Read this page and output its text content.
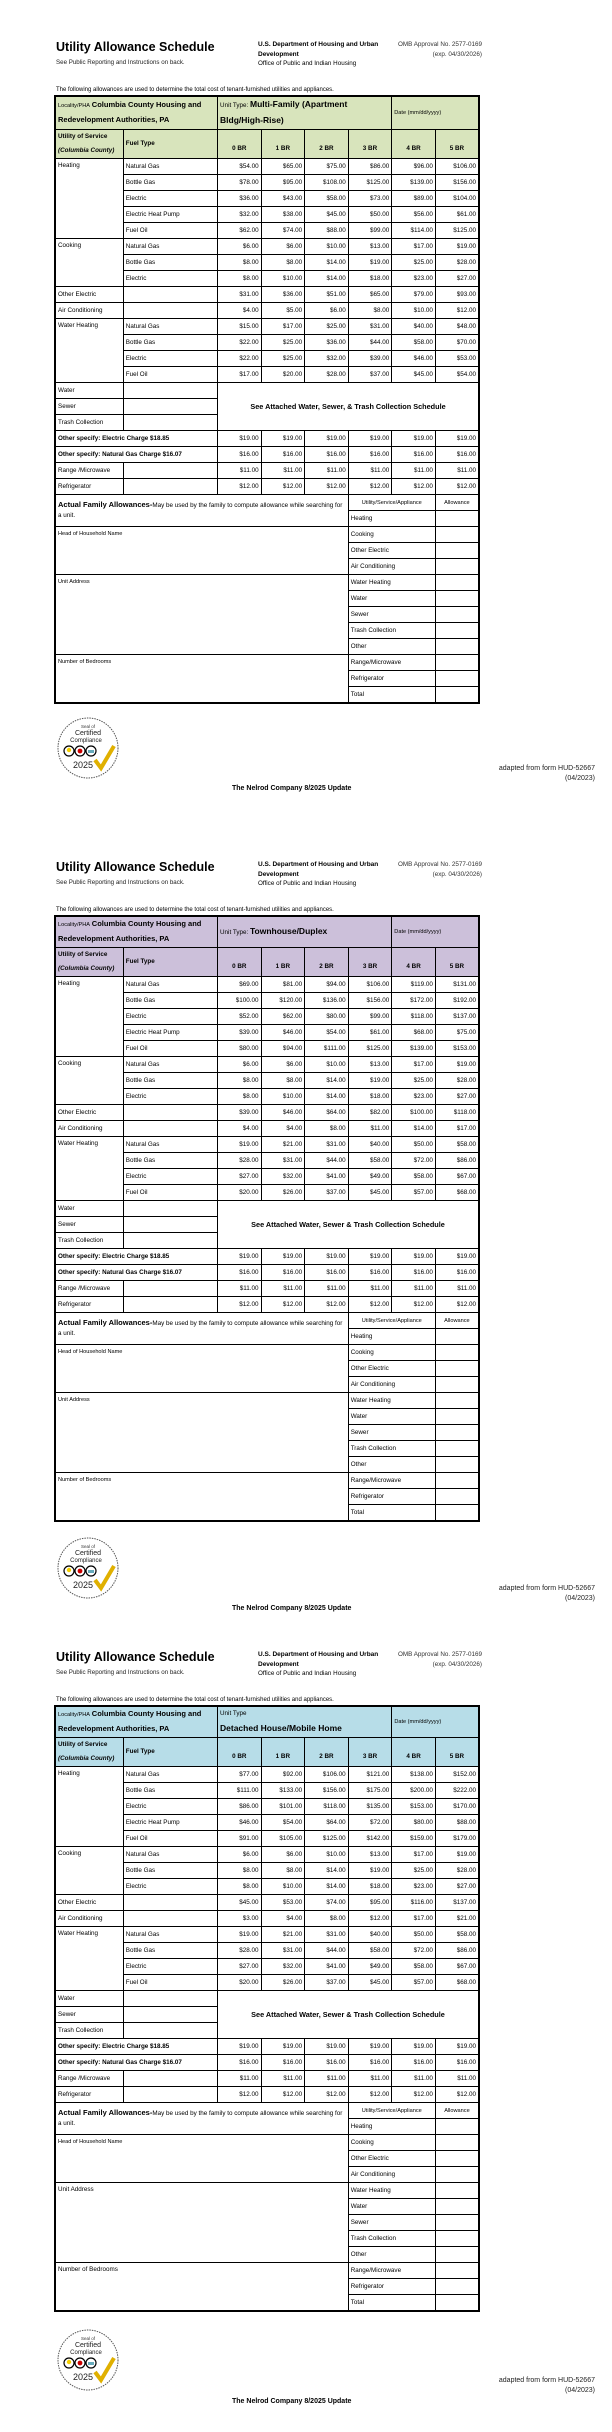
Utility Allowance Schedule
See Public Reporting and Instructions on back.
U.S. Department of Housing and Urban Development
Office of Public and Indian Housing
OMB Approval No. 2577-0169
(exp. 04/30/2026)
The following allowances are used to determine the total cost of tenant-furnished utilities and appliances.
Locality/PHA Columbia County Housing and Redevelopment Authorities, PA		Unit Type: Multi-Family (Apartment Bldg/High-Rise)				Date (mm/dd/yyyy)	
Utility of Service
(Columbia County)	Fuel Type	0 BR	1 BR	2 BR	3 BR	4 BR	5 BR
Heating	Natural Gas	$54.00	$65.00	$75.00	$86.00	$96.00	$106.00
	Bottle Gas	$78.00	$95.00	$108.00	$125.00	$139.00	$156.00
	Electric	$36.00	$43.00	$58.00	$73.00	$89.00	$104.00
	Electric Heat Pump	$32.00	$38.00	$45.00	$50.00	$56.00	$61.00
	Fuel Oil	$62.00	$74.00	$88.00	$99.00	$114.00	$125.00
Cooking	Natural Gas	$6.00	$6.00	$10.00	$13.00	$17.00	$19.00
	Bottle Gas	$8.00	$8.00	$14.00	$19.00	$25.00	$28.00
	Electric	$8.00	$10.00	$14.00	$18.00	$23.00	$27.00
Other Electric		$31.00	$36.00	$51.00	$65.00	$79.00	$93.00
Air Conditioning		$4.00	$5.00	$6.00	$8.00	$10.00	$12.00
Water Heating	Natural Gas	$15.00	$17.00	$25.00	$31.00	$40.00	$48.00
	Bottle Gas	$22.00	$25.00	$36.00	$44.00	$58.00	$70.00
	Electric	$22.00	$25.00	$32.00	$39.00	$46.00	$53.00
	Fuel Oil	$17.00	$20.00	$28.00	$37.00	$45.00	$54.00
Water		See Attached Water, Sewer, & Trash Collection Schedule					
Sewer							
Trash Collection							
Other specify: Electric Charge $18.85		$19.00	$19.00	$19.00	$19.00	$19.00	$19.00
Other specify: Natural Gas Charge $16.07		$16.00	$16.00	$16.00	$16.00	$16.00	$16.00
Range /Microwave		$11.00	$11.00	$11.00	$11.00	$11.00	$11.00
Refrigerator		$12.00	$12.00	$12.00	$12.00	$12.00	$12.00
Actual Family Allowances-May be used by the family to compute allowance while searching for a unit.					Utility/Service/Appliance		Allowance
					Heating		
Head of Household Name					Cooking		
					Other Electric		
					Air Conditioning		
Unit Address					Water Heating		
					Water		
					Sewer		
					Trash Collection		
					Other		
Number of Bedrooms					Range/Microwave		
					Refrigerator		
					Total		
Seal of
Certified
Compliance
2025	adapted from form HUD-52667
(04/2023)
The Nelrod Company 8/2025 Update
Utility Allowance Schedule
See Public Reporting and Instructions on back.
U.S. Department of Housing and Urban Development
Office of Public and Indian Housing
OMB Approval No. 2577-0169
(exp. 04/30/2026)
The following allowances are used to determine the total cost of tenant-furnished utilities and appliances.
Locality/PHA Columbia County Housing and Redevelopment Authorities, PA		Unit Type: Townhouse/Duplex				Date (mm/dd/yyyy)	
Utility of Service
(Columbia County)	Fuel Type	0 BR	1 BR	2 BR	3 BR	4 BR	5 BR
Heating	Natural Gas	$69.00	$81.00	$94.00	$106.00	$119.00	$131.00
	Bottle Gas	$100.00	$120.00	$136.00	$156.00	$172.00	$192.00
	Electric	$52.00	$62.00	$80.00	$99.00	$118.00	$137.00
	Electric Heat Pump	$39.00	$46.00	$54.00	$61.00	$68.00	$75.00
	Fuel Oil	$80.00	$94.00	$111.00	$125.00	$139.00	$153.00
Cooking	Natural Gas	$6.00	$6.00	$10.00	$13.00	$17.00	$19.00
	Bottle Gas	$8.00	$8.00	$14.00	$19.00	$25.00	$28.00
	Electric	$8.00	$10.00	$14.00	$18.00	$23.00	$27.00
Other Electric		$39.00	$46.00	$64.00	$82.00	$100.00	$118.00
Air Conditioning		$4.00	$4.00	$8.00	$11.00	$14.00	$17.00
Water Heating	Natural Gas	$19.00	$21.00	$31.00	$40.00	$50.00	$58.00
	Bottle Gas	$28.00	$31.00	$44.00	$58.00	$72.00	$86.00
	Electric	$27.00	$32.00	$41.00	$49.00	$58.00	$67.00
	Fuel Oil	$20.00	$26.00	$37.00	$45.00	$57.00	$68.00
Water		See Attached Water, Sewer & Trash Collection Schedule					
Sewer							
Trash Collection							
Other specify: Electric Charge $18.85		$19.00	$19.00	$19.00	$19.00	$19.00	$19.00
Other specify: Natural Gas Charge $16.07		$16.00	$16.00	$16.00	$16.00	$16.00	$16.00
Range /Microwave		$11.00	$11.00	$11.00	$11.00	$11.00	$11.00
Refrigerator		$12.00	$12.00	$12.00	$12.00	$12.00	$12.00
Actual Family Allowances-May be used by the family to compute allowance while searching for a unit.					Utility/Service/Appliance		Allowance
					Heating		
Head of Household Name					Cooking		
					Other Electric		
					Air Conditioning		
Unit Address					Water Heating		
					Water		
					Sewer		
					Trash Collection		
					Other		
Number of Bedrooms					Range/Microwave		
					Refrigerator		
					Total		
Seal of
Certified
Compliance
2025	adapted from form HUD-52667
(04/2023)
The Nelrod Company 8/2025 Update
Utility Allowance Schedule
See Public Reporting and Instructions on back.
U.S. Department of Housing and Urban Development
Office of Public and Indian Housing
OMB Approval No. 2577-0169
(exp. 04/30/2026)
The following allowances are used to determine the total cost of tenant-furnished utilities and appliances.
Locality/PHA Columbia County Housing and Redevelopment Authorities, PA		Unit Type
Detached House/Mobile Home				Date (mm/dd/yyyy)	
Utility of Service
(Columbia County)	Fuel Type	0 BR	1 BR	2 BR	3 BR	4 BR	5 BR
Heating	Natural Gas	$77.00	$92.00	$106.00	$121.00	$138.00	$152.00
	Bottle Gas	$111.00	$133.00	$156.00	$175.00	$200.00	$222.00
	Electric	$86.00	$101.00	$118.00	$135.00	$153.00	$170.00
	Electric Heat Pump	$46.00	$54.00	$64.00	$72.00	$80.00	$88.00
	Fuel Oil	$91.00	$105.00	$125.00	$142.00	$159.00	$179.00
Cooking	Natural Gas	$6.00	$6.00	$10.00	$13.00	$17.00	$19.00
	Bottle Gas	$8.00	$8.00	$14.00	$19.00	$25.00	$28.00
	Electric	$8.00	$10.00	$14.00	$18.00	$23.00	$27.00
Other Electric		$45.00	$53.00	$74.00	$95.00	$116.00	$137.00
Air Conditioning		$3.00	$4.00	$8.00	$12.00	$17.00	$21.00
Water Heating	Natural Gas	$19.00	$21.00	$31.00	$40.00	$50.00	$58.00
	Bottle Gas	$28.00	$31.00	$44.00	$58.00	$72.00	$86.00
	Electric	$27.00	$32.00	$41.00	$49.00	$58.00	$67.00
	Fuel Oil	$20.00	$26.00	$37.00	$45.00	$57.00	$68.00
Water		See Attached Water, Sewer & Trash Collection Schedule					
Sewer							
Trash Collection							
Other specify: Electric Charge $18.85		$19.00	$19.00	$19.00	$19.00	$19.00	$19.00
Other specify: Natural Gas Charge $16.07		$16.00	$16.00	$16.00	$16.00	$16.00	$16.00
Range /Microwave		$11.00	$11.00	$11.00	$11.00	$11.00	$11.00
Refrigerator		$12.00	$12.00	$12.00	$12.00	$12.00	$12.00
Actual Family Allowances-May be used by the family to compute allowance while searching for a unit.					Utility/Service/Appliance		Allowance
					Heating		
Head of Household Name					Cooking		
					Other Electric		
					Air Conditioning		
Unit Address					Water Heating		
					Water		
					Sewer		
					Trash Collection		
					Other		
Number of Bedrooms					Range/Microwave		
					Refrigerator		
					Total		
Seal of
Certified
Compliance
2025	adapted from form HUD-52667
(04/2023)
The Nelrod Company 8/2025 Update
